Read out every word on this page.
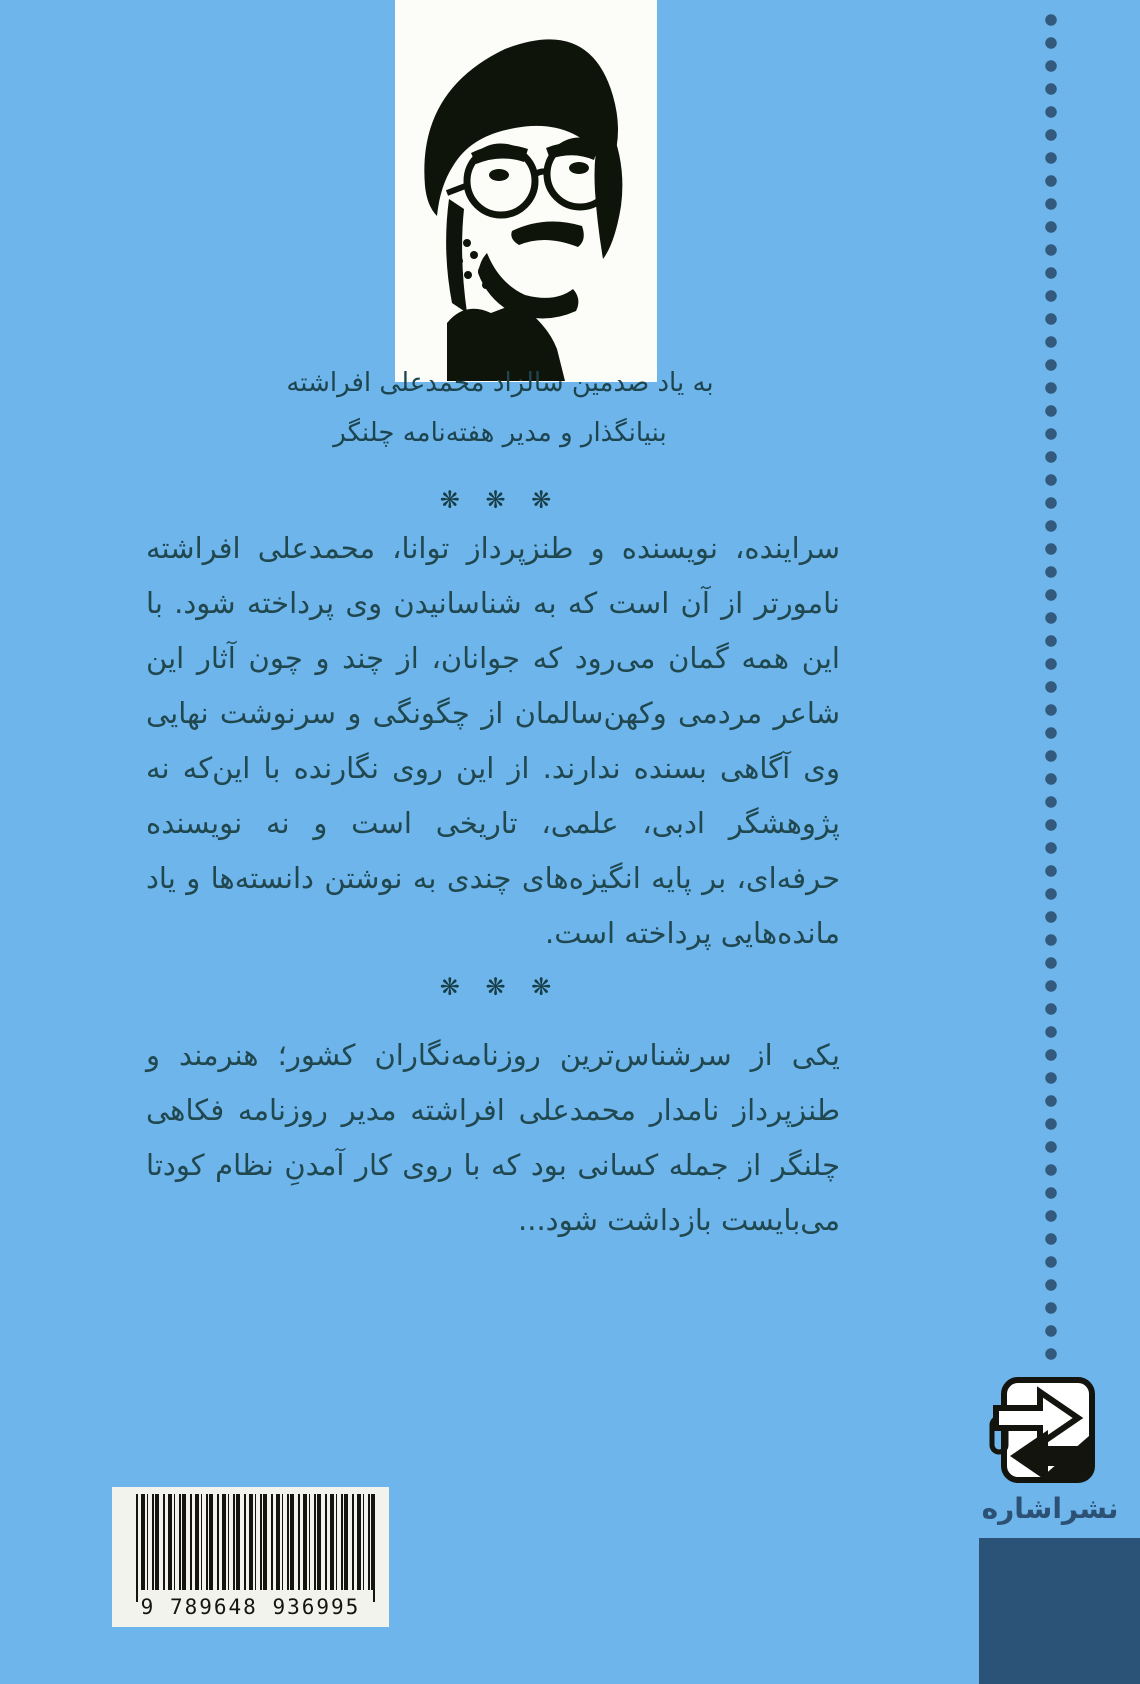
به یاد صدمین سالزاد محمدعلی افراشته
بنیانگذار و مدیر هفته‌نامه چلنگر
❋ ❋ ❋

سراینده، نویسنده و طنزپرداز توانا، محمدعلی افراشته نامورتر از آن است که به شناسانیدن وی پرداخته شود. با این همه گمان می‌رود که جوانان، از چند و چون آثار این شاعر مردمی وکهن‌سالمان از چگونگی و سرنوشت نهایی وی آگاهی بسنده ندارند. از این روی نگارنده با این‌که نه پژوهشگر ادبی، علمی، تاریخی است و نه نویسنده حرفه‌ای، بر پایه انگیزه‌های چندی به نوشتن دانسته‌ها و یاد مانده‌هایی پرداخته است.

❋ ❋ ❋

یکی از سرشناس‌ترین روزنامه‌نگاران کشور؛ هنرمند و طنزپرداز نامدار محمدعلی افراشته مدیر روزنامه فکاهی چلنگر از جمله کسانی بود که با روی کار آمدنِ نظام کودتا می‌بایست بازداشت شود...

نشراشاره
9 789648 936995
